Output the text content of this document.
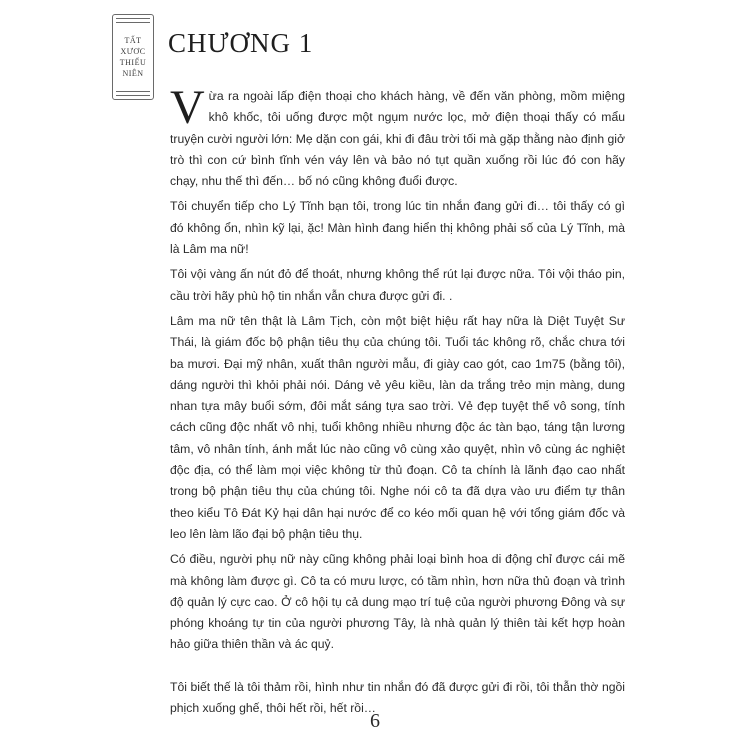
TẤT
XƯƠC
THIẾU
NIÊN
CHƯƠNG 1

V ừa ra ngoài lấp điện thoại cho khách hàng, về đến văn phòng, mồm miệng khô khốc, tôi uống được một ngụm nước lọc, mở điện thoại thấy có mẩu truyện cười người lớn: Mẹ dặn con gái, khi đi đâu trời tối mà gặp thằng nào định giở trò thì con cứ bình tĩnh vén váy lên và bảo nó tụt quần xuống rồi lúc đó con hãy chạy, nhu thế thì đến… bố nó cũng không đuổi được.

Tôi chuyển tiếp cho Lý Tĩnh bạn tôi, trong lúc tin nhắn đang gửi đi… tôi thấy có gì đó không ổn, nhìn kỹ lại, ặc! Màn hình đang hiển thị không phải số của Lý Tĩnh, mà là Lâm ma nữ!

Tôi vội vàng ấn nút đỏ để thoát, nhưng không thể rút lại được nữa. Tôi vội tháo pin, cầu trời hãy phù hộ tin nhắn vẫn chưa được gửi đi. .

Lâm ma nữ tên thật là Lâm Tịch, còn một biệt hiệu rất hay nữa là Diệt Tuyệt Sư Thái, là giám đốc bộ phận tiêu thụ của chúng tôi. Tuổi tác không rõ, chắc chưa tới ba mươi. Đại mỹ nhân, xuất thân người mẫu, đi giày cao gót, cao 1m75 (bằng tôi), dáng người thì khỏi phải nói. Dáng vẻ yêu kiều, làn da trắng trẻo mịn màng, dung nhan tựa mây buổi sớm, đôi mắt sáng tựa sao trời. Vẻ đẹp tuyệt thế vô song, tính cách cũng độc nhất vô nhị, tuổi không nhiều nhưng độc ác tàn bạo, táng tận lương tâm, vô nhân tính, ánh mắt lúc nào cũng vô cùng xảo quyệt, nhìn vô cùng ác nghiệt độc địa, có thể làm mọi việc không từ thủ đoạn. Cô ta chính là lãnh đạo cao nhất trong bộ phận tiêu thụ của chúng tôi. Nghe nói cô ta đã dựa vào ưu điểm tự thân theo kiểu Tô Đát Kỷ hại dân hại nước để co kéo mối quan hệ với tổng giám đốc và leo lên làm lão đại bộ phận tiêu thụ.

Có điều, người phụ nữ này cũng không phải loại bình hoa di động chỉ được cái mẽ mà không làm được gì. Cô ta có mưu lược, có tầm nhìn, hơn nữa thủ đoạn và trình độ quản lý cực cao. Ở cô hội tụ cả dung mạo trí tuệ của người phương Đông và sự phóng khoáng tự tin của người phương Tây, là nhà quản lý thiên tài kết hợp hoàn hảo giữa thiên thần và ác quỷ.

Tôi biết thế là tôi thảm rồi, hình như tin nhắn đó đã được gửi đi rồi, tôi thẫn thờ ngồi phịch xuống ghế, thôi hết rồi, hết rồi…

6
